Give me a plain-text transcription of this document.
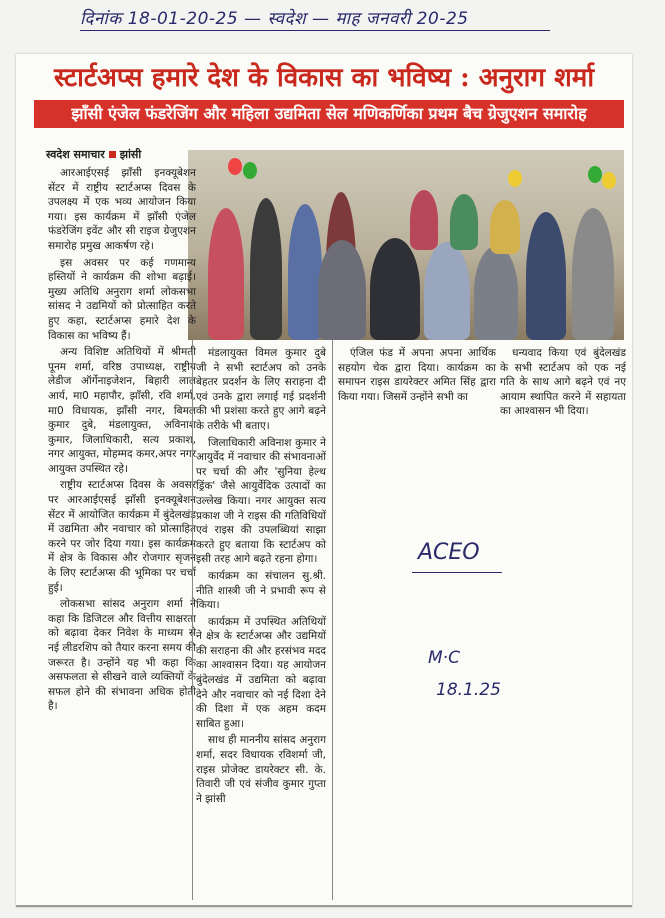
दिनांक 18-01-20-25 — स्वदेश — माह जनवरी 20-25
स्टार्टअप्स हमारे देश के विकास का भविष्य : अनुराग शर्मा
झाँसी एंजेल फंडरेजिंग और महिला उद्यमिता सेल मणिकर्णिका प्रथम बैच ग्रेजुएशन समारोह
स्वदेश समाचार झांसी

आरआईएसई झाँसी इनक्यूबेशन सेंटर में राष्ट्रीय स्टार्टअप्स दिवस के उपलक्ष्य में एक भव्य आयोजन किया गया। इस कार्यक्रम में झाँसी एंजेल फंडरेजिंग इवेंट और सी राइज ग्रेजुएशन समारोह प्रमुख आकर्षण रहे।

इस अवसर पर कई गणमान्य हस्तियों ने कार्यक्रम की शोभा बढ़ाई। मुख्य अतिथि अनुराग शर्मा लोकसभा सांसद ने उद्यमियों को प्रोत्साहित करते हुए कहा, स्टार्टअप्स हमारे देश के विकास का भविष्य हैं।

अन्य विशिष्ट अतिथियों में श्रीमती पूनम शर्मा, वरिष्ठ उपाध्यक्ष, राष्ट्रीय लेडीज ऑर्गेनाइजेशन, बिहारी लाल आर्य, मा0 महापौर, झाँसी, रवि शर्मा, मा0 विधायक, झाँसी नगर, बिमल कुमार दुबे, मंडलायुक्त, अविनाश कुमार, जिलाधिकारी, सत्य प्रकाश, नगर आयुक्त, मोहम्मद कमर,अपर नगर आयुक्त उपस्थित रहे।

राष्ट्रीय स्टार्टअप्स दिवस के अवसर पर आरआईएसई झाँसी इनक्यूबेशन सेंटर में आयोजित कार्यक्रम में बुंदेलखंड में उद्यमिता और नवाचार को प्रोत्साहित करने पर जोर दिया गया। इस कार्यक्रम में क्षेत्र के विकास और रोजगार सृजन के लिए स्टार्टअप्स की भूमिका पर चर्चा हुई।

लोकसभा सांसद अनुराग शर्मा ने कहा कि डिजिटल और वित्तीय साक्षरता को बढ़ावा देकर निवेश के माध्यम से नई लीडरशिप को तैयार करना समय की जरूरत है। उन्होंने यह भी कहा कि असफलता से सीखने वाले व्यक्तियों के सफल होने की संभावना अधिक होती है।

मंडलायुक्त विमल कुमार दुबे जी ने सभी स्टार्टअप को उनके बेहतर प्रदर्शन के लिए सराहना दी एवं उनके द्वारा लगाई गई प्रदर्शनी की भी प्रशंसा करते हुए आगे बढ़ने के तरीके भी बताए।

जिलाधिकारी अविनाश कुमार ने आयुर्वेद में नवाचार की संभावनाओं पर चर्चा की और 'सुनिया हेल्थ ड्रिंक' जैसे आयुर्वेदिक उत्पादों का उल्लेख किया। नगर आयुक्त सत्य प्रकाश जी ने राइस की गतिविधियों एवं राइस की उपलब्धियां साझा करते हुए बताया कि स्टार्टअप को इसी तरह आगे बढ़ते रहना होगा।

कार्यक्रम का संचालन सु.श्री. नीति शास्त्री जी ने प्रभावी रूप से किया।

कार्यक्रम में उपस्थित अतिथियों ने क्षेत्र के स्टार्टअप्स और उद्यमियों की सराहना की और हरसंभव मदद का आश्वासन दिया। यह आयोजन बुंदेलखंड में उद्यमिता को बढ़ावा देने और नवाचार को नई दिशा देने की दिशा में एक अहम कदम साबित हुआ।

साथ ही माननीय सांसद अनुराग शर्मा, सदर विधायक रविशर्मा जी, राइस प्रोजेक्ट डायरेक्टर सी. के. तिवारी जी एवं संजीव कुमार गुप्ता ने झांसी

एंजिल फंड में अपना अपना आर्थिक सहयोग चेक द्वारा दिया। कार्यक्रम का समापन राइस डायरेक्टर अमित सिंह द्वारा किया गया। जिसमें उन्होंने सभी का

धन्यवाद किया एवं बुंदेलखंड के सभी स्टार्टअप को एक नई गति के साथ आगे बढ़ने एवं नए आयाम स्थापित करने में सहायता का आश्वासन भी दिया।

ACEO
M·C
18.1.25
